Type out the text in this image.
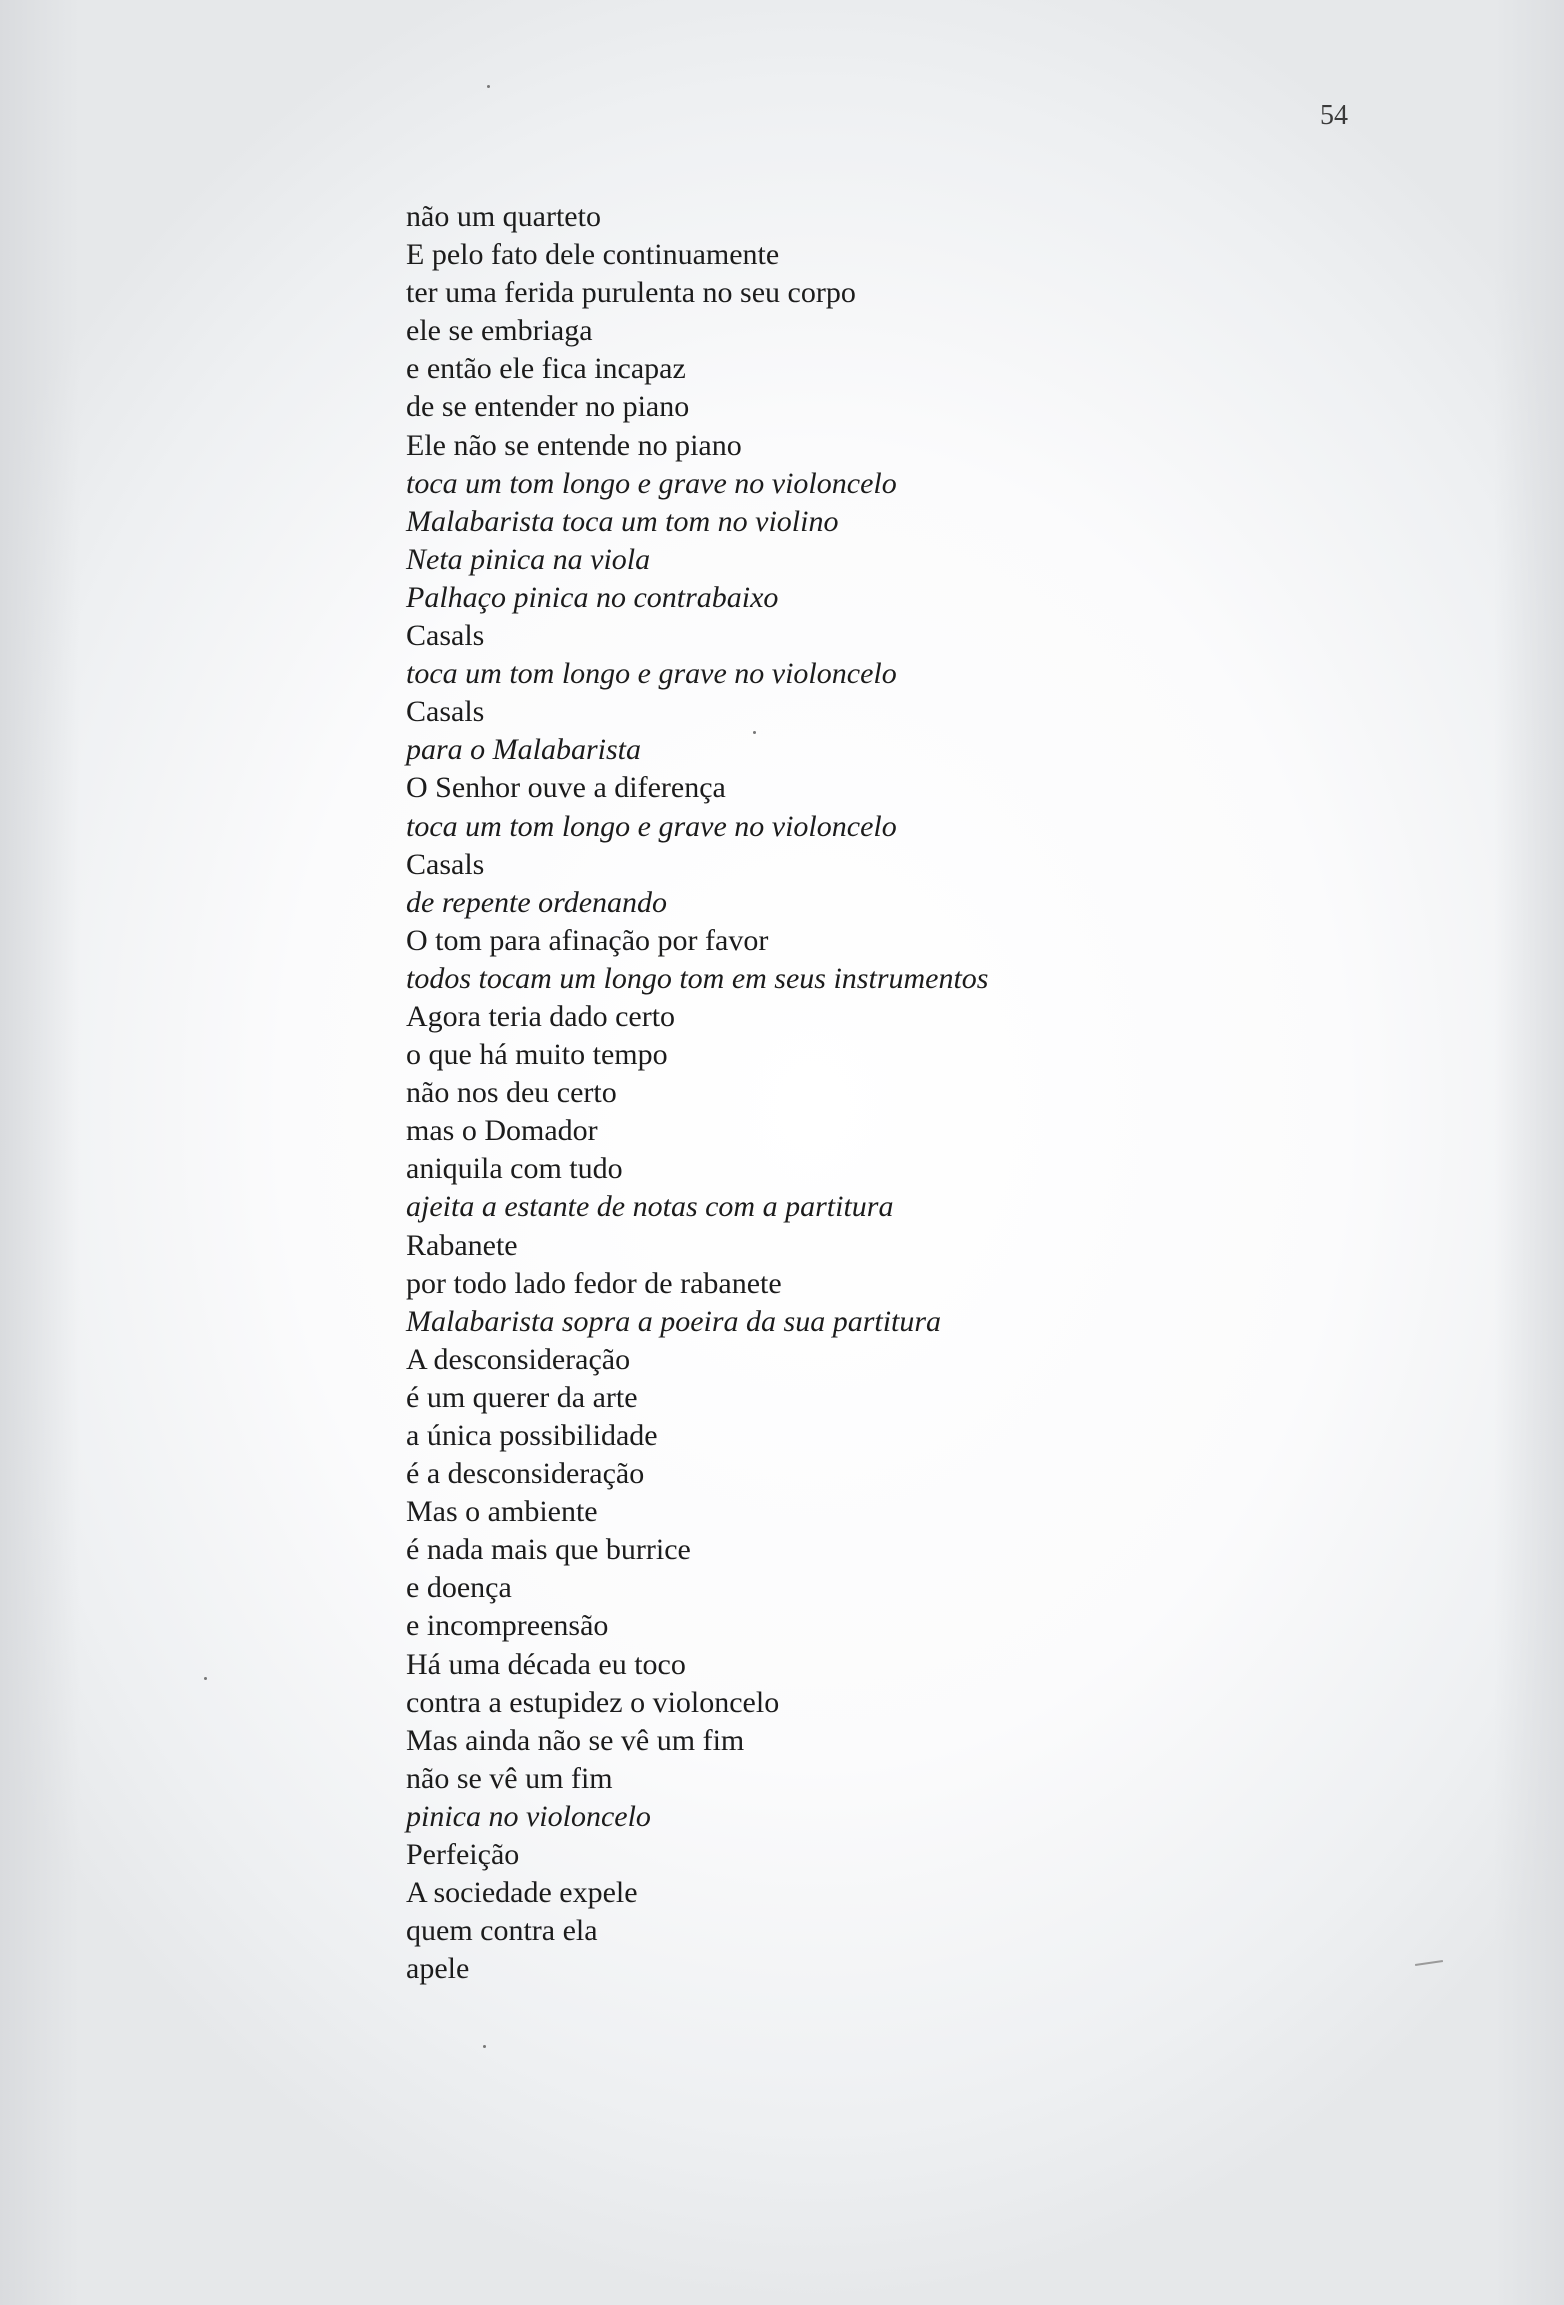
54
não um quarteto
E pelo fato dele continuamente
ter uma ferida purulenta no seu corpo
ele se embriaga
e então ele fica incapaz
de se entender no piano
Ele não se entende no piano
toca um tom longo e grave no violoncelo
Malabarista toca um tom no violino
Neta pinica na viola
Palhaço pinica no contrabaixo
Casals
toca um tom longo e grave no violoncelo
Casals
para o Malabarista
O Senhor ouve a diferença
toca um tom longo e grave no violoncelo
Casals
de repente ordenando
O tom para afinação por favor
todos tocam um longo tom em seus instrumentos
Agora teria dado certo
o que há muito tempo
não nos deu certo
mas o Domador
aniquila com tudo
ajeita a estante de notas com a partitura
Rabanete
por todo lado fedor de rabanete
Malabarista sopra a poeira da sua partitura
A desconsideração
é um querer da arte
a única possibilidade
é a desconsideração
Mas o ambiente
é nada mais que burrice
e doença
e incompreensão
Há uma década eu toco
contra a estupidez o violoncelo
Mas ainda não se vê um fim
não se vê um fim
pinica no violoncelo
Perfeição
A sociedade expele
quem contra ela
apele
